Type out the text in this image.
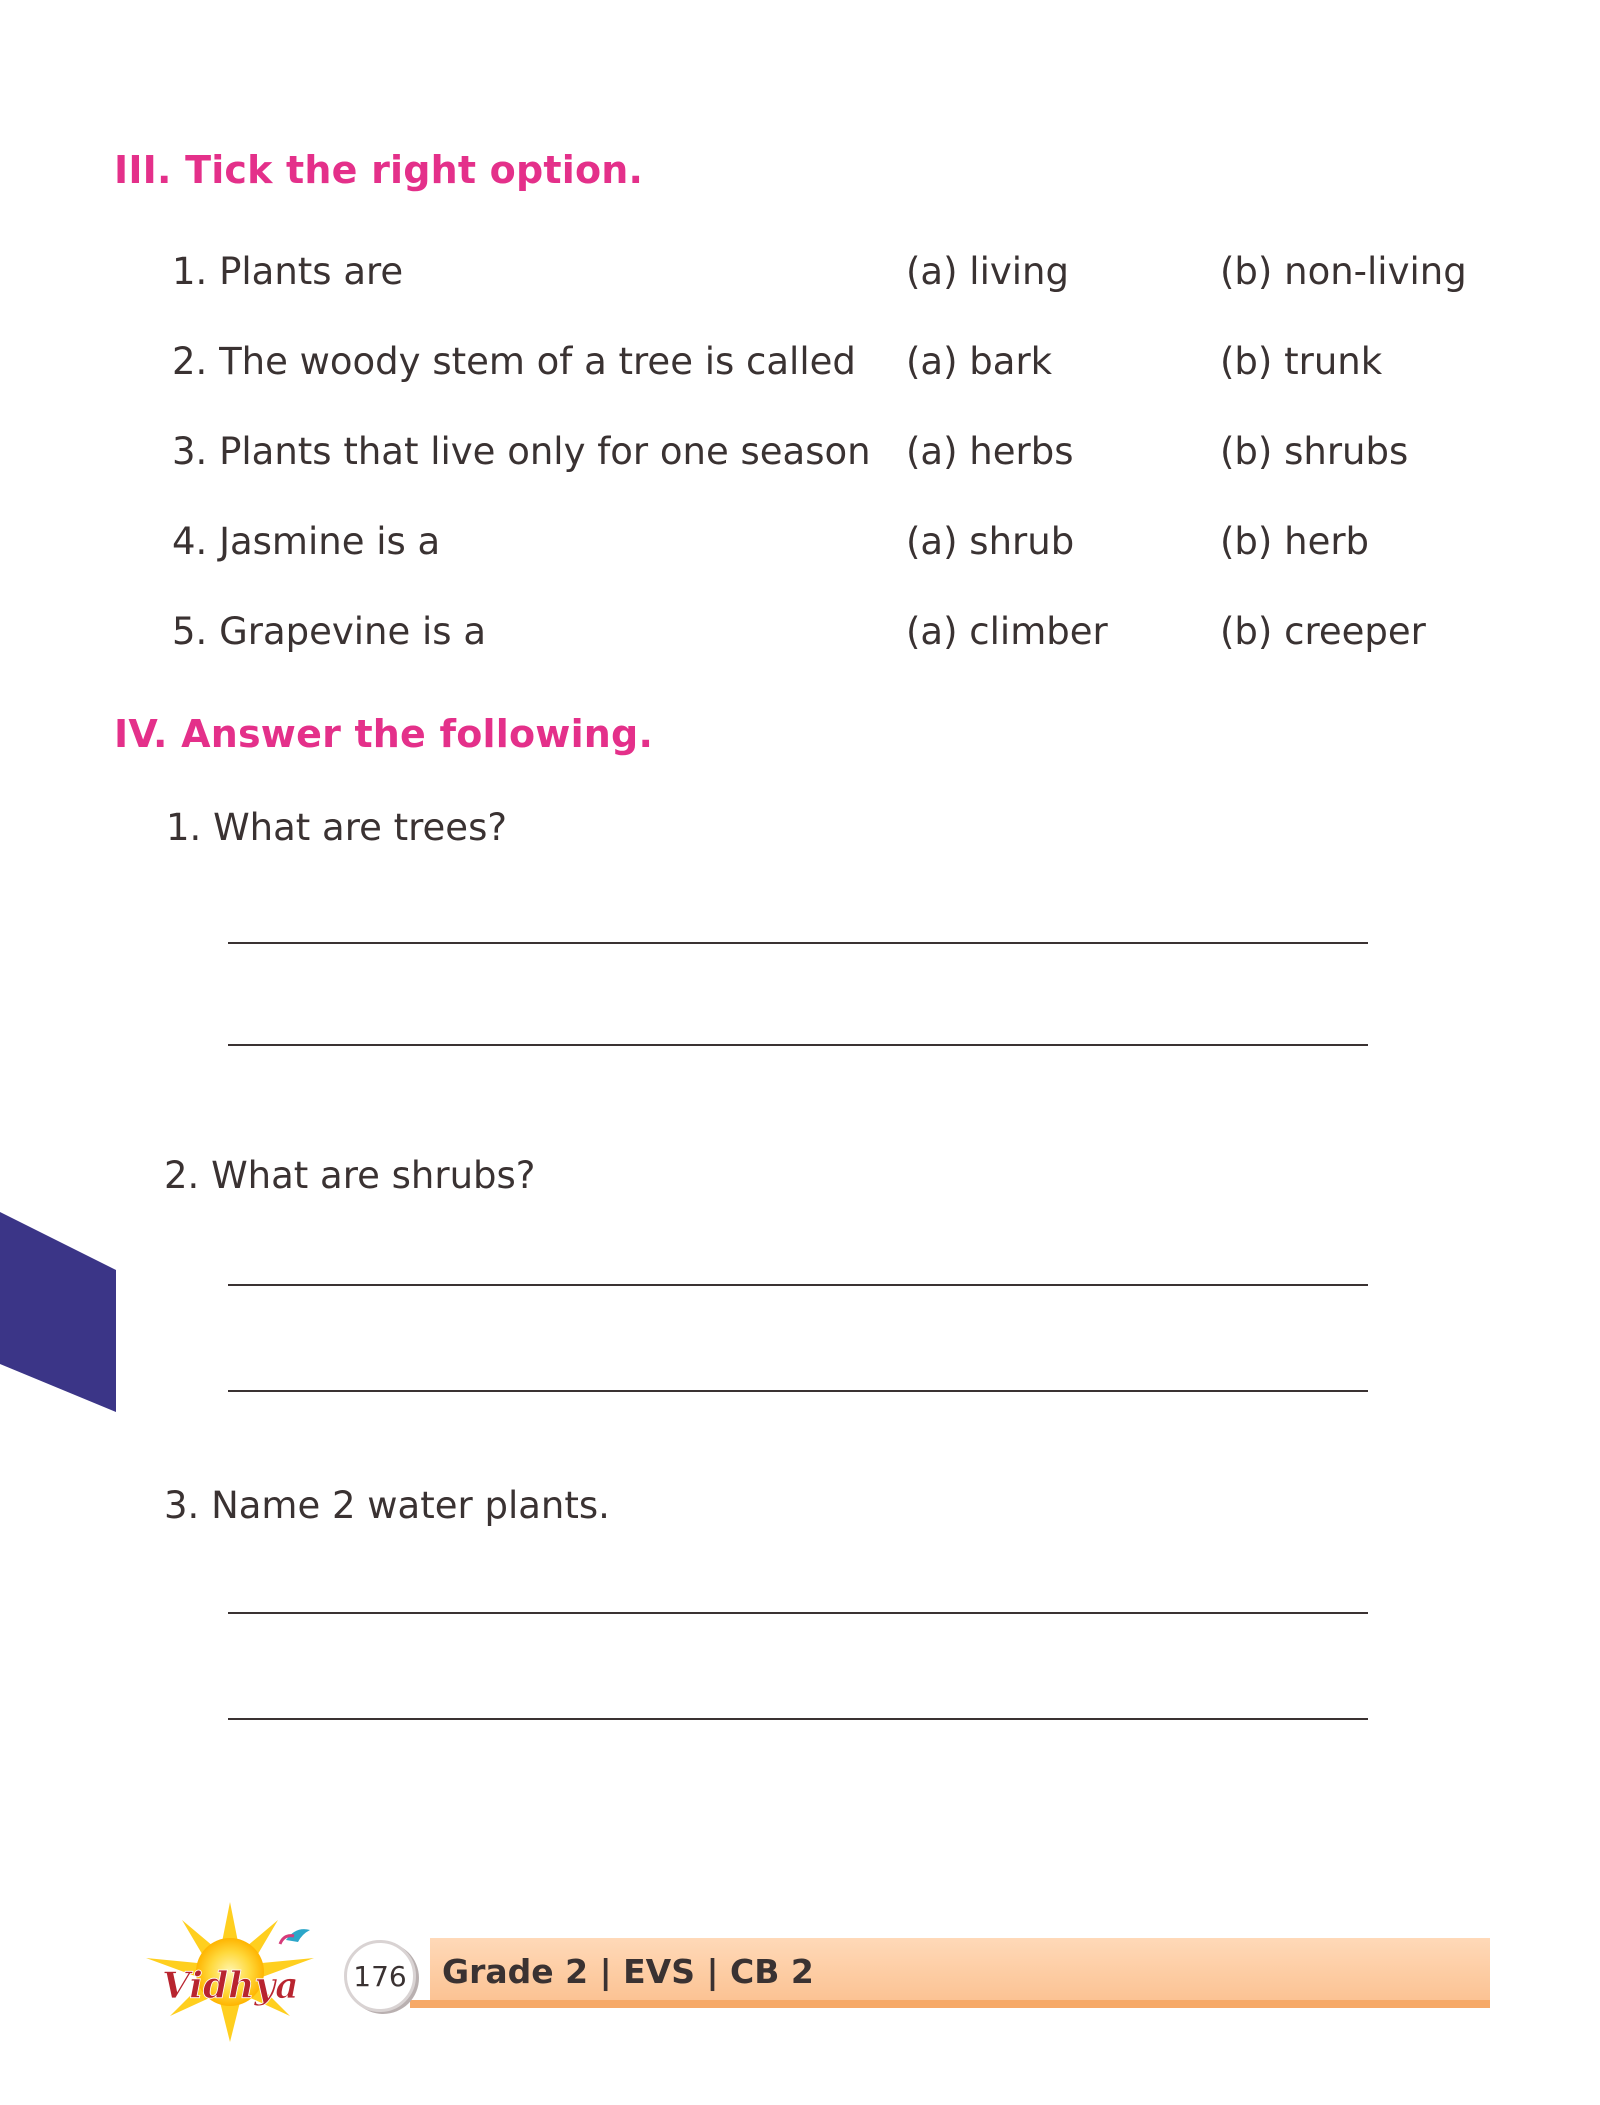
III. Tick the right option.
1. Plants are	(a) living	(b) non-living
2. The woody stem of a tree is called (a) bark	(b) trunk
3. Plants that live only for one season (a) herbs	(b) shrubs
4. Jasmine is a	(a) shrub	(b) herb
5. Grapevine is a	(a) climber	(b) creeper
IV. Answer the following.
1. What are trees?
2. What are shrubs?
3. Name 2 water plants.
Vidhya	176 Grade 2 | EVS | CB 2
